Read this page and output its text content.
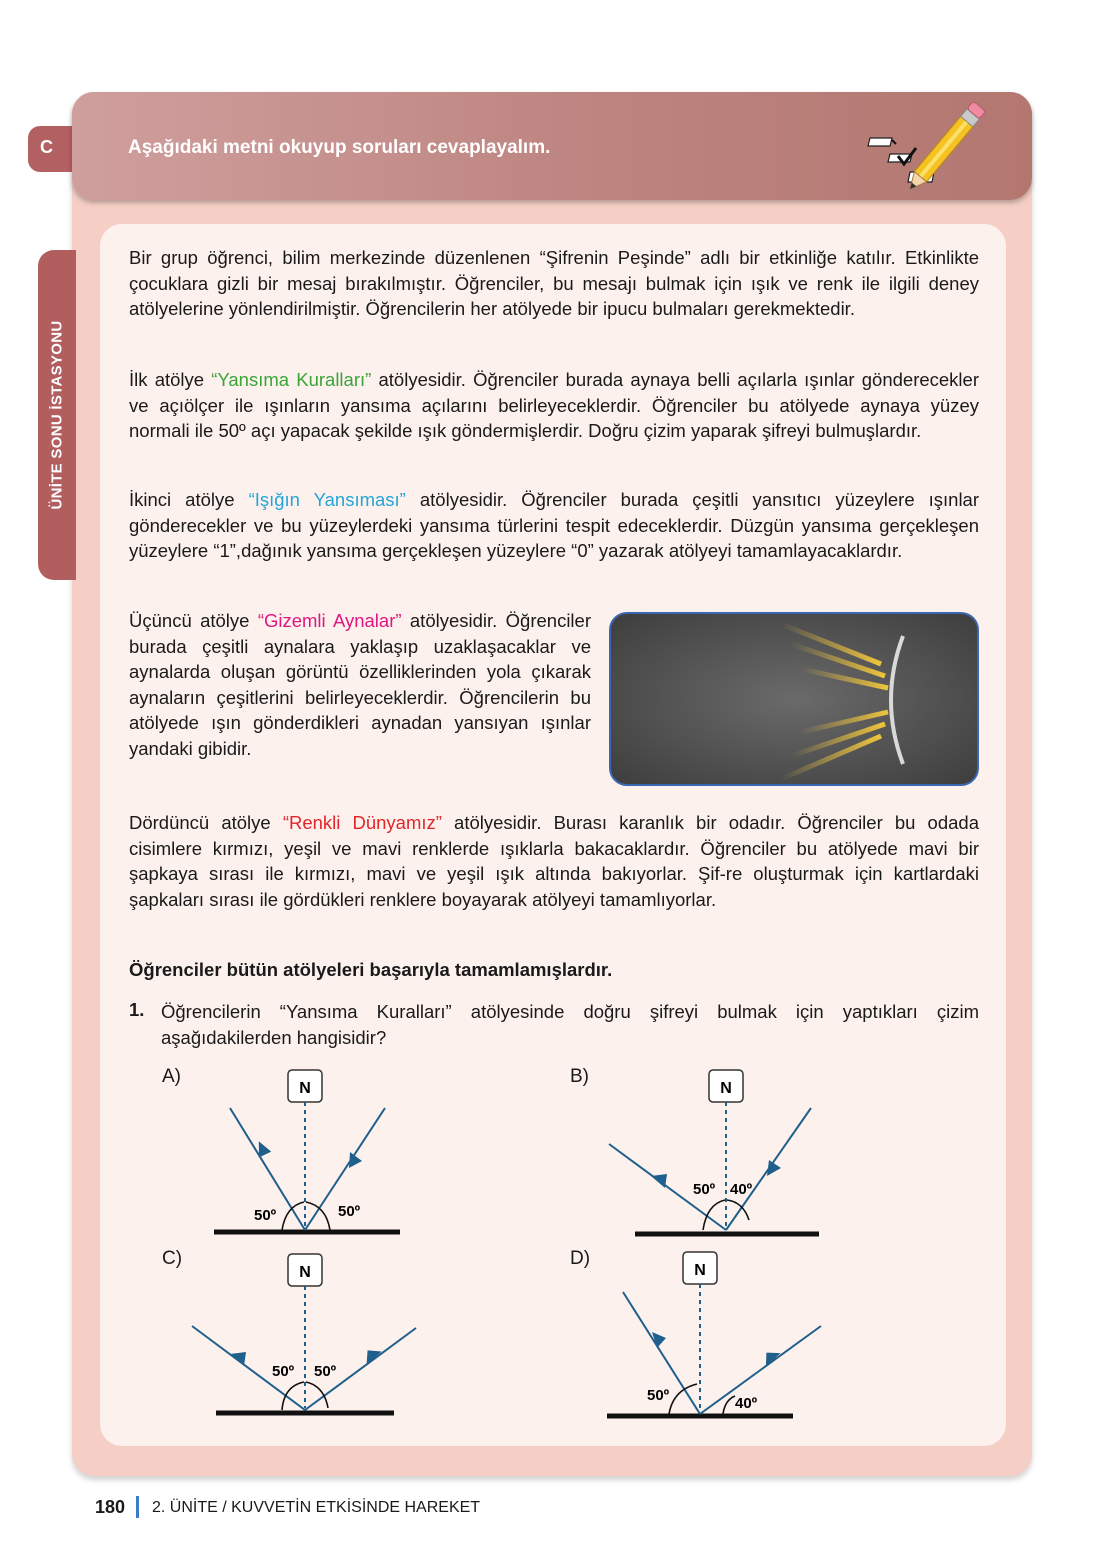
C	Aşağıdaki metni okuyup soruları cevaplayalım.
ÜNİTE SONU İSTASYONU
Bir grup öğrenci, bilim merkezinde düzenlenen “Şifrenin Peşinde” adlı bir etkinliğe katılır. Etkinlikte çocuklara gizli bir mesaj bırakılmıştır. Öğrenciler, bu mesajı bulmak için ışık ve renk ile ilgili deney atölyelerine yönlendirilmiştir. Öğrencilerin her atölyede bir ipucu bulmaları gerekmektedir.
İlk atölye “Yansıma Kuralları” atölyesidir. Öğrenciler burada aynaya belli açılarla ışınlar gönderecekler ve açıölçer ile ışınların yansıma açılarını belirleyeceklerdir. Öğrenciler bu atölyede aynaya yüzey normali ile 50º açı yapacak şekilde ışık göndermişlerdir. Doğru çizim yaparak şifreyi bulmuşlardır.
İkinci atölye “Işığın Yansıması” atölyesidir. Öğrenciler burada çeşitli yansıtıcı yüzeylere ışınlar gönderecekler ve bu yüzeylerdeki yansıma türlerini tespit edeceklerdir. Düzgün yansıma gerçekleşen yüzeylere “1”,dağınık yansıma gerçekleşen yüzeylere “0” yazarak atölyeyi tamamlayacaklardır.
Üçüncü atölye “Gizemli Aynalar” atölyesidir. Öğrenciler burada çeşitli aynalara yaklaşıp uzaklaşacaklar ve aynalarda oluşan görüntü özelliklerinden yola çıkarak aynaların çeşitlerini belirleyeceklerdir. Öğrencilerin bu atölyede ışın gönderdikleri aynadan yansıyan ışınlar yandaki gibidir.
Dördüncü atölye “Renkli Dünyamız” atölyesidir. Burası karanlık bir odadır. Öğrenciler bu odada cisimlere kırmızı, yeşil ve mavi renklerde ışıklarla bakacaklardır. Öğrenciler bu atölyede mavi bir şapkaya sırası ile kırmızı, mavi ve yeşil ışık altında bakıyorlar. Şif-re oluşturmak için kartlardaki şapkaları sırası ile gördükleri renklere boyayarak atölyeyi tamamlıyorlar.
Öğrenciler bütün atölyeleri başarıyla tamamlamışlardır.
1. Öğrencilerin “Yansıma Kuralları” atölyesinde doğru şifreyi bulmak için yaptıkları çizim aşağıdakilerden hangisidir?
A)
N
50º	50º
B)
N
50º 40º
C)
N
50º 50º
D)
N
50º	40º
180 2. ÜNİTE / KUVVETİN ETKİSİNDE HAREKET
